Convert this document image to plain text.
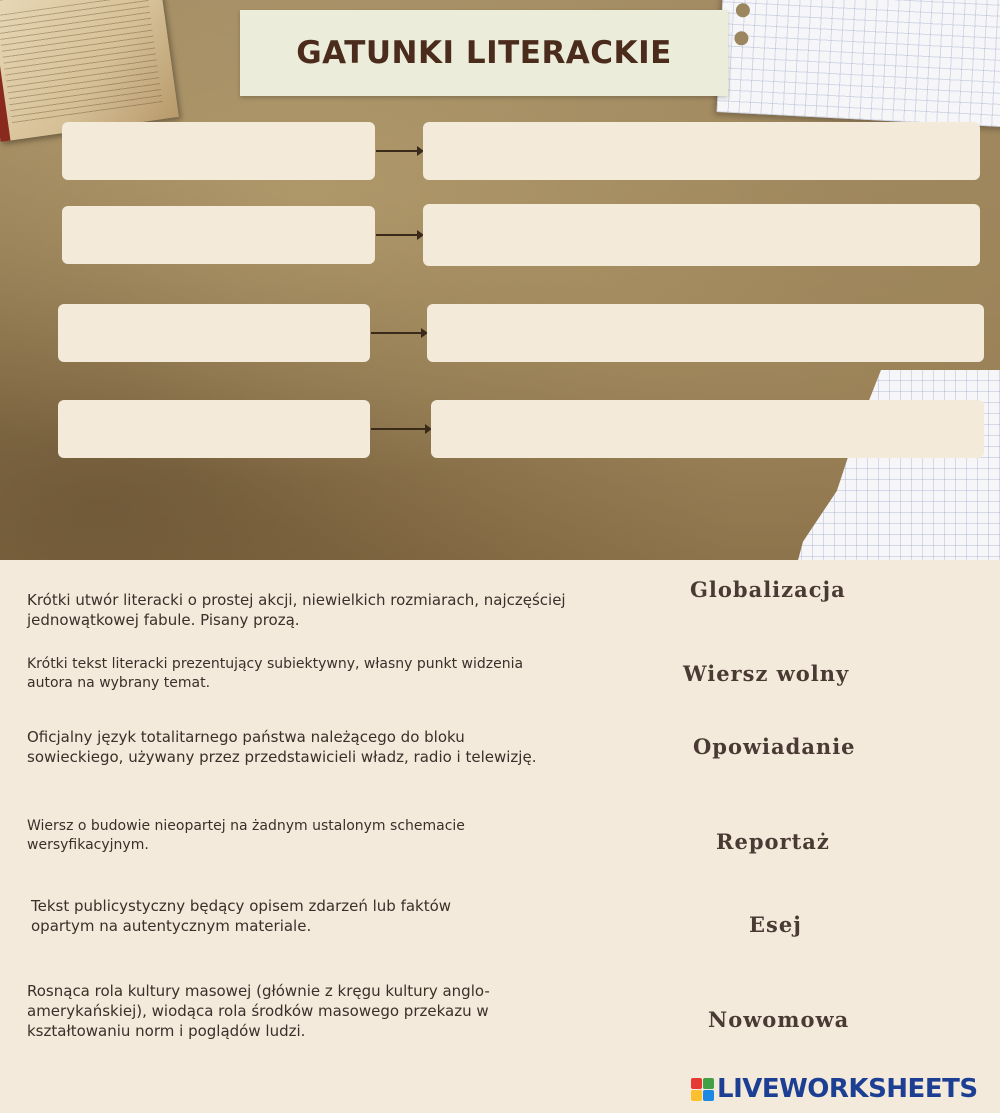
GATUNKI LITERACKIE

Krótki utwór literacki o prostej akcji, niewielkich rozmiarach, najczęściej jednowątkowej fabule. Pisany prozą.

Krótki tekst literacki prezentujący subiektywny, własny punkt widzenia autora na wybrany temat.

Oficjalny język totalitarnego państwa należącego do bloku sowieckiego, używany przez przedstawicieli władz, radio i telewizję.

Wiersz o budowie nieopartej na żadnym ustalonym schemacie wersyfikacyjnym.

Tekst publicystyczny będący opisem zdarzeń lub faktów opartym na autentycznym materiale.

Rosnąca rola kultury masowej (głównie z kręgu kultury anglo-amerykańskiej), wiodąca rola środków masowego przekazu w kształtowaniu norm i poglądów ludzi.

Globalizacja

Wiersz wolny

Opowiadanie

Reportaż

Esej

Nowomowa

LIVEWORKSHEETS
